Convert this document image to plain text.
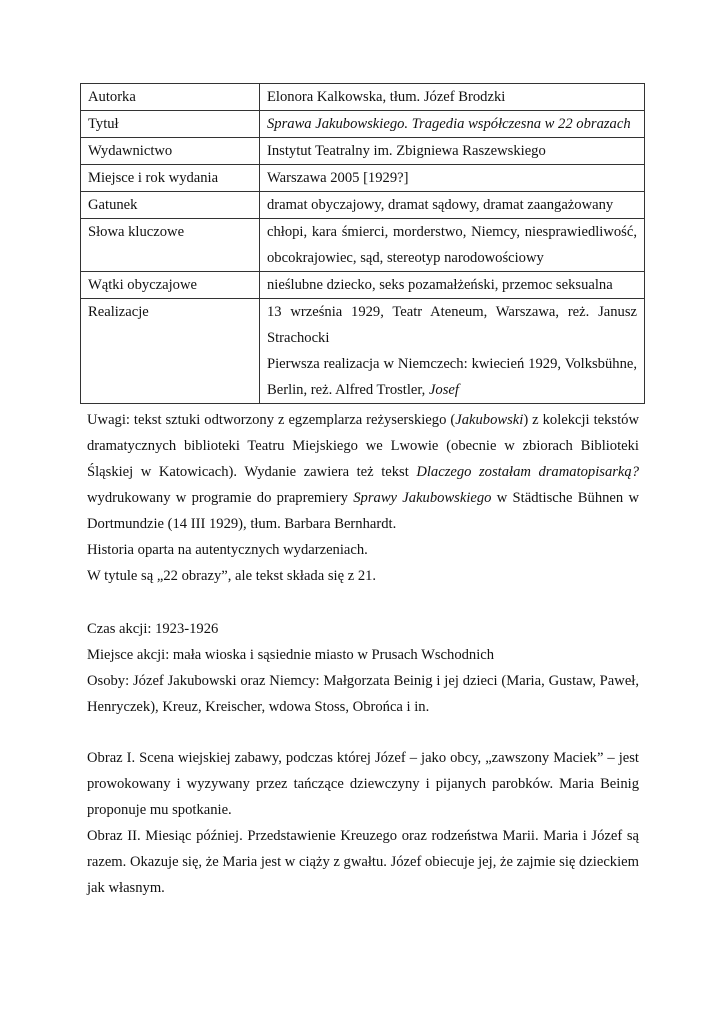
Autorka	Elonora Kalkowska, tłum. Józef Brodzki
Tytuł	Sprawa Jakubowskiego. Tragedia współczesna w 22 obrazach
Wydawnictwo	Instytut Teatralny im. Zbigniewa Raszewskiego
Miejsce i rok wydania	Warszawa 2005 [1929?]
Gatunek	dramat obyczajowy, dramat sądowy, dramat zaangażowany
Słowa kluczowe	chłopi, kara śmierci, morderstwo, Niemcy, niesprawiedliwość, obcokrajowiec, sąd, stereotyp narodowościowy
Wątki obyczajowe	nieślubne dziecko, seks pozamałżeński, przemoc seksualna
Realizacje	13 września 1929, Teatr Ateneum, Warszawa, reż. Janusz Strachocki
Pierwsza realizacja w Niemczech: kwiecień 1929, Volksbühne, Berlin, reż. Alfred Trostler, Josef

Uwagi: tekst sztuki odtworzony z egzemplarza reżyserskiego (Jakubowski) z kolekcji tekstów dramatycznych biblioteki Teatru Miejskiego we Lwowie (obecnie w zbiorach Biblioteki Śląskiej w Katowicach). Wydanie zawiera też tekst Dlaczego zostałam dramatopisarką? wydrukowany w programie do prapremiery Sprawy Jakubowskiego w Städtische Bühnen w Dortmundzie (14 III 1929), tłum. Barbara Bernhardt.

Historia oparta na autentycznych wydarzeniach.

W tytule są „22 obrazy”, ale tekst składa się z 21.

Czas akcji: 1923-1926

Miejsce akcji: mała wioska i sąsiednie miasto w Prusach Wschodnich

Osoby: Józef Jakubowski oraz Niemcy: Małgorzata Beinig i jej dzieci (Maria, Gustaw, Paweł, Henryczek), Kreuz, Kreischer, wdowa Stoss, Obrońca i in.

Obraz I. Scena wiejskiej zabawy, podczas której Józef – jako obcy, „zawszony Maciek” – jest prowokowany i wyzywany przez tańczące dziewczyny i pijanych parobków. Maria Beinig proponuje mu spotkanie.

Obraz II. Miesiąc później. Przedstawienie Kreuzego oraz rodzeństwa Marii. Maria i Józef są razem. Okazuje się, że Maria jest w ciąży z gwałtu. Józef obiecuje jej, że zajmie się dzieckiem jak własnym.
